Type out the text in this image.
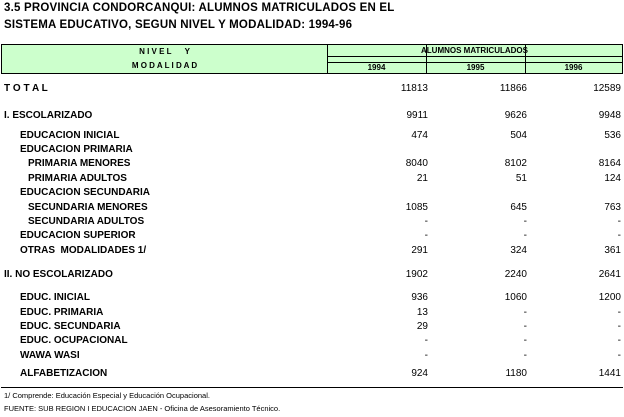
3.5 PROVINCIA CONDORCANQUI: ALUMNOS MATRICULADOS EN EL
SISTEMA EDUCATIVO, SEGUN NIVEL Y MODALIDAD: 1994-96
N I V E L      Y
M O D A L I D A D
ALUMNOS MATRICULADOS
1994	1995	1996
T O T A L	11813	11866	12589
I. ESCOLARIZADO	9911	9626	9948
EDUCACION INICIAL	474	504	536
EDUCACION PRIMARIA
PRIMARIA MENORES	8040	8102	8164
PRIMARIA ADULTOS	21	51	124
EDUCACION SECUNDARIA
SECUNDARIA MENORES	1085	645	763
SECUNDARIA ADULTOS	-	-	-
EDUCACION SUPERIOR	-	-	-
OTRAS  MODALIDADES 1/	291	324	361
II. NO ESCOLARIZADO	1902	2240	2641
EDUC. INICIAL	936	1060	1200
EDUC. PRIMARIA	13	-	-
EDUC. SECUNDARIA	29	-	-
EDUC. OCUPACIONAL	-	-	-
WAWA WASI	-	-	-
ALFABETIZACION	924	1180	1441
1/ Comprende: Educación Especial y Educación Ocupacional.
FUENTE: SUB REGION I EDUCACION JAEN - Oficina de Asesoramiento Técnico.
